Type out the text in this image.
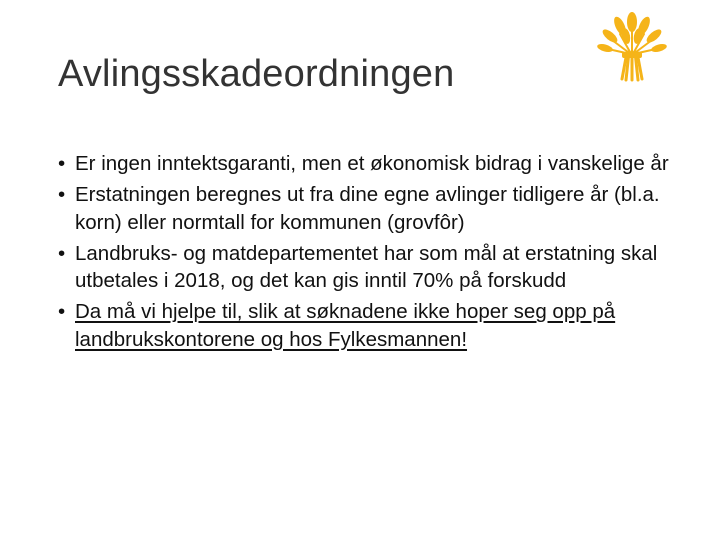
Avlingsskadeordningen
• Er ingen inntektsgaranti, men et økonomisk bidrag i vanskelige år
• Erstatningen beregnes ut fra dine egne avlinger tidligere år (bl.a. korn) eller normtall for kommunen (grovfôr)
• Landbruks- og matdepartementet har som mål at erstatning skal utbetales i 2018, og det kan gis inntil 70% på forskudd
• Da må vi hjelpe til, slik at søknadene ikke hoper seg opp på landbrukskontorene og hos Fylkesmannen!
